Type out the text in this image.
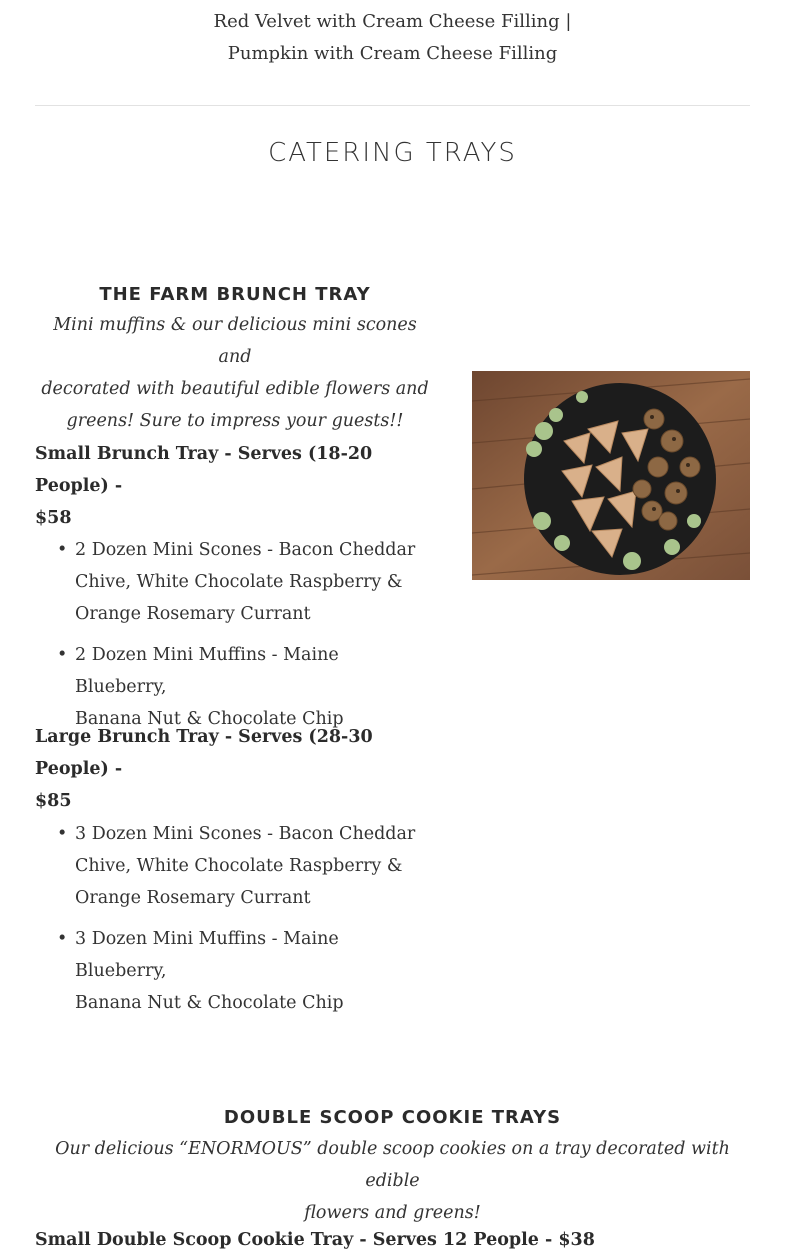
Red Velvet with Cream Cheese Filling |
Pumpkin with Cream Cheese Filling
CATERING TRAYS
THE FARM BRUNCH TRAY
Mini muffins & our delicious mini scones and
decorated with beautiful edible flowers and
greens! Sure to impress your guests!!
Small Brunch Tray - Serves (18-20 People) -
$58
• 2 Dozen Mini Scones - Bacon Cheddar
Chive, White Chocolate Raspberry &
Orange Rosemary Currant
• 2 Dozen Mini Muffins - Maine Blueberry,
Banana Nut & Chocolate Chip
Large Brunch Tray - Serves (28-30 People) -
$85
• 3 Dozen Mini Scones - Bacon Cheddar
Chive, White Chocolate Raspberry &
Orange Rosemary Currant
• 3 Dozen Mini Muffins - Maine Blueberry,
Banana Nut & Chocolate Chip
DOUBLE SCOOP COOKIE TRAYS
Our delicious “ENORMOUS” double scoop cookies on a tray decorated with edible
flowers and greens!
Small Double Scoop Cookie Tray - Serves 12 People - $38
